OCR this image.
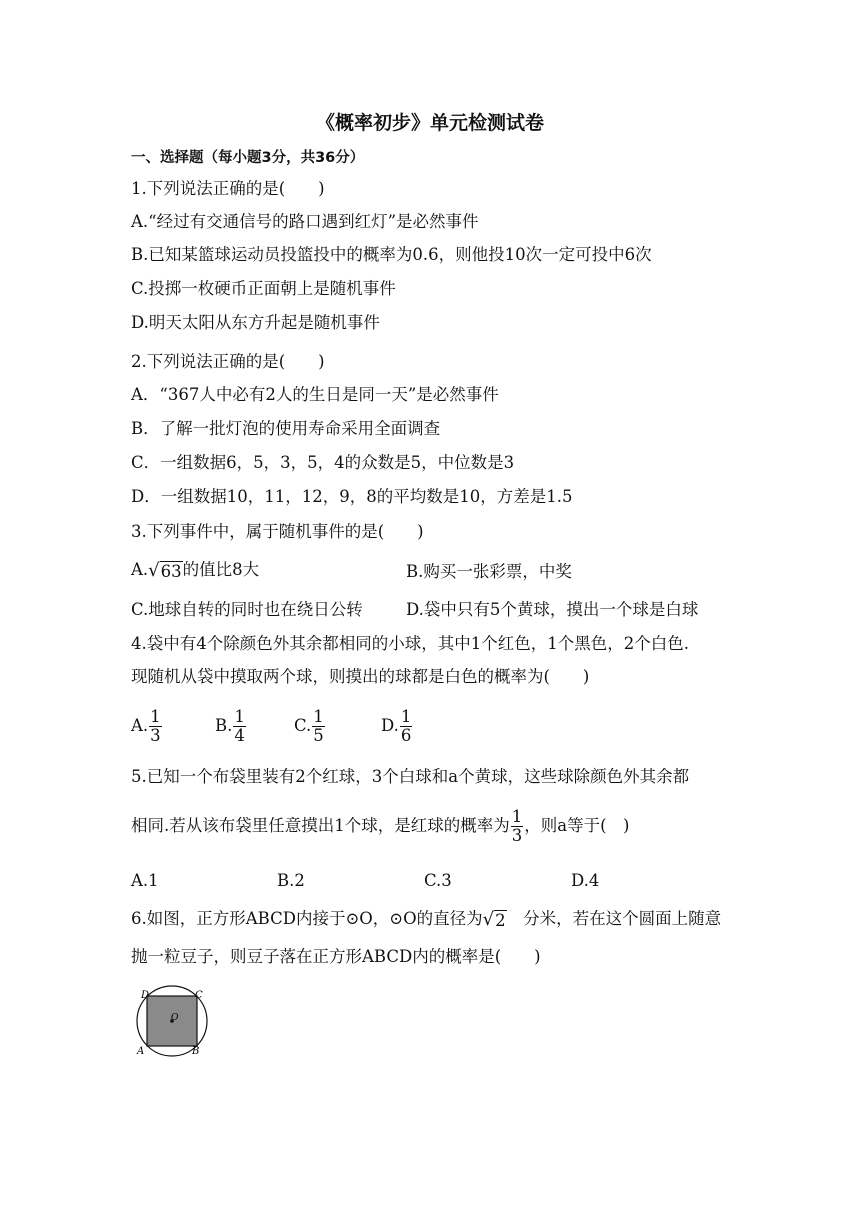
《概率初步》单元检测试卷
一、选择题（每小题3分，共36分）
1.下列说法正确的是(　　)
A.“经过有交通信号的路口遇到红灯”是必然事件
B.已知某篮球运动员投篮投中的概率为0.6，则他投10次一定可投中6次
C.投掷一枚硬币正面朝上是随机事件
D.明天太阳从东方升起是随机事件
2.下列说法正确的是(　　)
A．“367人中必有2人的生日是同一天”是必然事件
B．了解一批灯泡的使用寿命采用全面调查
C．一组数据6，5，3，5，4的众数是5，中位数是3
D．一组数据10，11，12，9，8的平均数是10，方差是1.5
3.下列事件中，属于随机事件的是(　　)
A. √ 63 的值比8大	B.购买一张彩票，中奖
C.地球自转的同时也在绕日公转	D.袋中只有5个黄球，摸出一个球是白球
4.袋中有4个除颜色外其余都相同的小球，其中1个红色，1个黑色，2个白色.
现随机从袋中摸取两个球，则摸出的球都是白色的概率为(　　)
A. $\frac{1}{3}$	B. $\frac{1}{4}$	C. $\frac{1}{5}$	D. $\frac{1}{6}$
5.已知一个布袋里装有2个红球，3个白球和a个黄球，这些球除颜色外其余都
相同.若从该布袋里任意摸出1个球，是红球的概率为 $\frac{1}{3}$ ，则a等于(　)
A.1	B.2	C.3	D.4
6.如图，正方形ABCD内接于⊙O，⊙O的直径为 √ 2 　分米，若在这个圆面上随意
抛一粒豆子，则豆子落在正方形ABCD内的概率是(　　)
D	C
A	B
O
